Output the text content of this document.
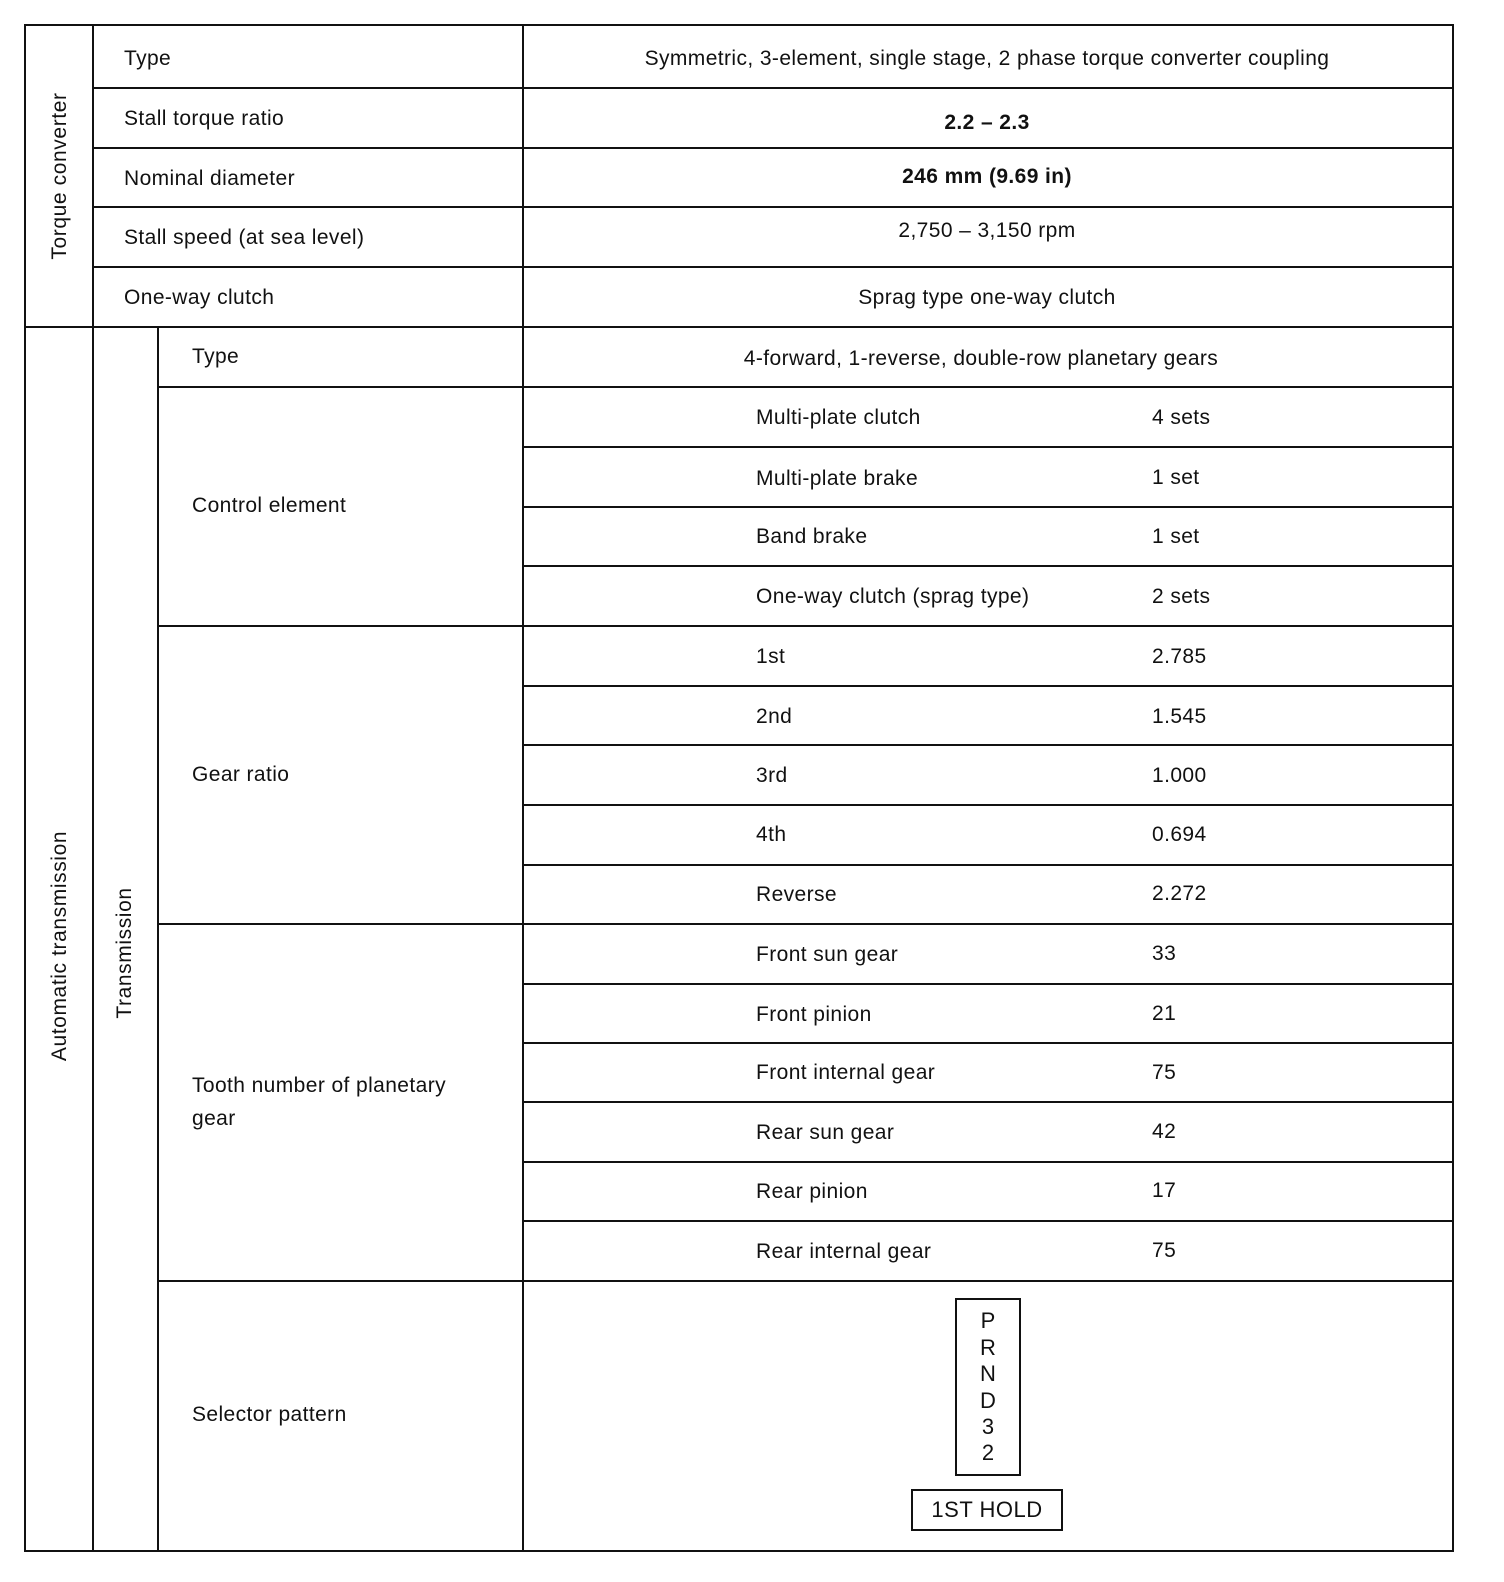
Torque converter
Automatic transmission Transmission
Type	Symmetric, 3-element, single stage, 2 phase torque converter coupling
Stall torque ratio	2.2 – 2.3
Nominal diameter	246 mm (9.69 in)
Stall speed (at sea level)	2,750 – 3,150 rpm
One-way clutch	Sprag type one-way clutch
Type	4-forward, 1-reverse, double-row planetary gears
Control element
Multi-plate clutch	4 sets
Multi-plate brake	1 set
Band brake	1 set
One-way clutch (sprag type)	2 sets
Gear ratio
1st	2.785
2nd	1.545
3rd	1.000
4th	0.694
Reverse	2.272
Tooth number of planetary
gear
Front sun gear	33
Front pinion	21
Front internal gear	75
Rear sun gear	42
Rear pinion	17
Rear internal gear	75
Selector pattern
P
R
N
D
3
2
1ST HOLD
